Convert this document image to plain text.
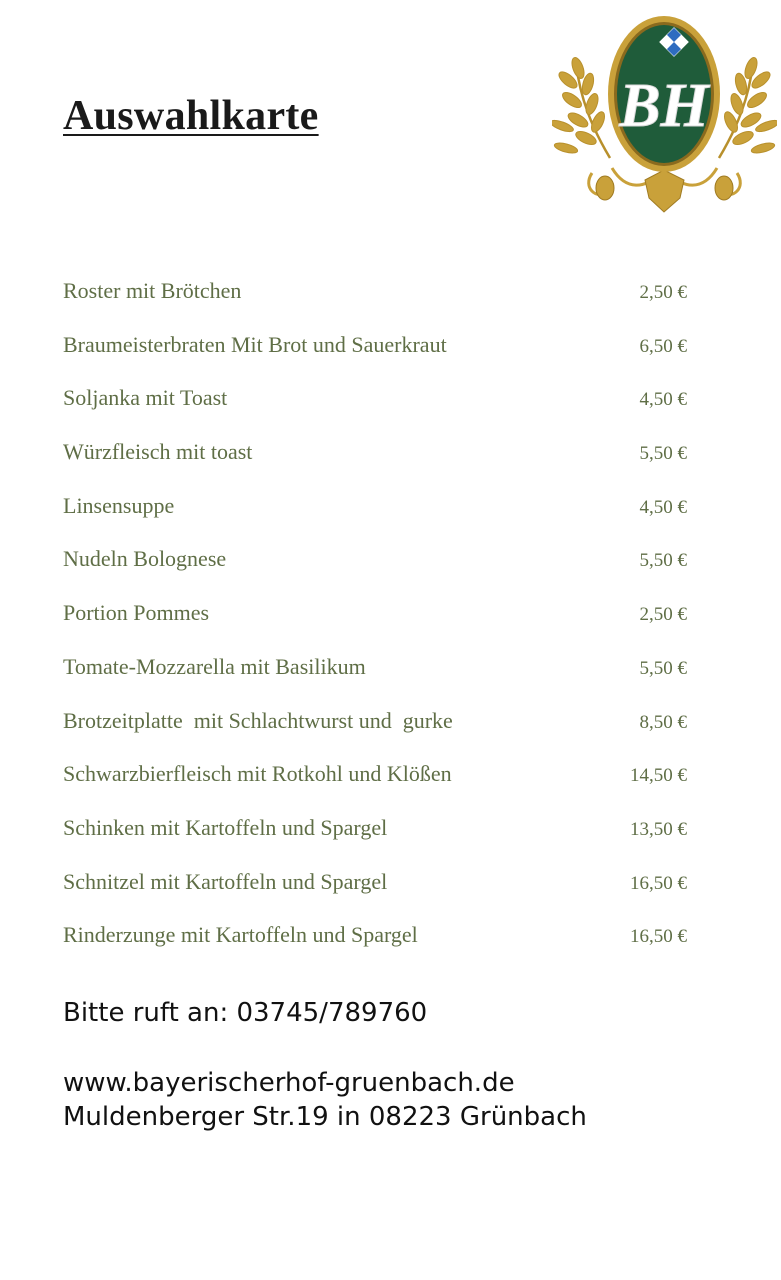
Auswahlkarte	BH
Roster mit Brötchen	2,50 €
Braumeisterbraten Mit Brot und Sauerkraut	6,50 €
Soljanka mit Toast	4,50 €
Würzfleisch mit toast	5,50 €
Linsensuppe	4,50 €
Nudeln Bolognese	5,50 €
Portion Pommes	2,50 €
Tomate-Mozzarella mit Basilikum	5,50 €
Brotzeitplatte  mit Schlachtwurst und  gurke	8,50 €
Schwarzbierfleisch mit Rotkohl und Klößen	14,50 €
Schinken mit Kartoffeln und Spargel	13,50 €
Schnitzel mit Kartoffeln und Spargel	16,50 €
Rinderzunge mit Kartoffeln und Spargel	16,50 €
Bitte ruft an: 03745/789760
www.bayerischerhof-gruenbach.de
Muldenberger Str.19 in 08223 Grünbach
